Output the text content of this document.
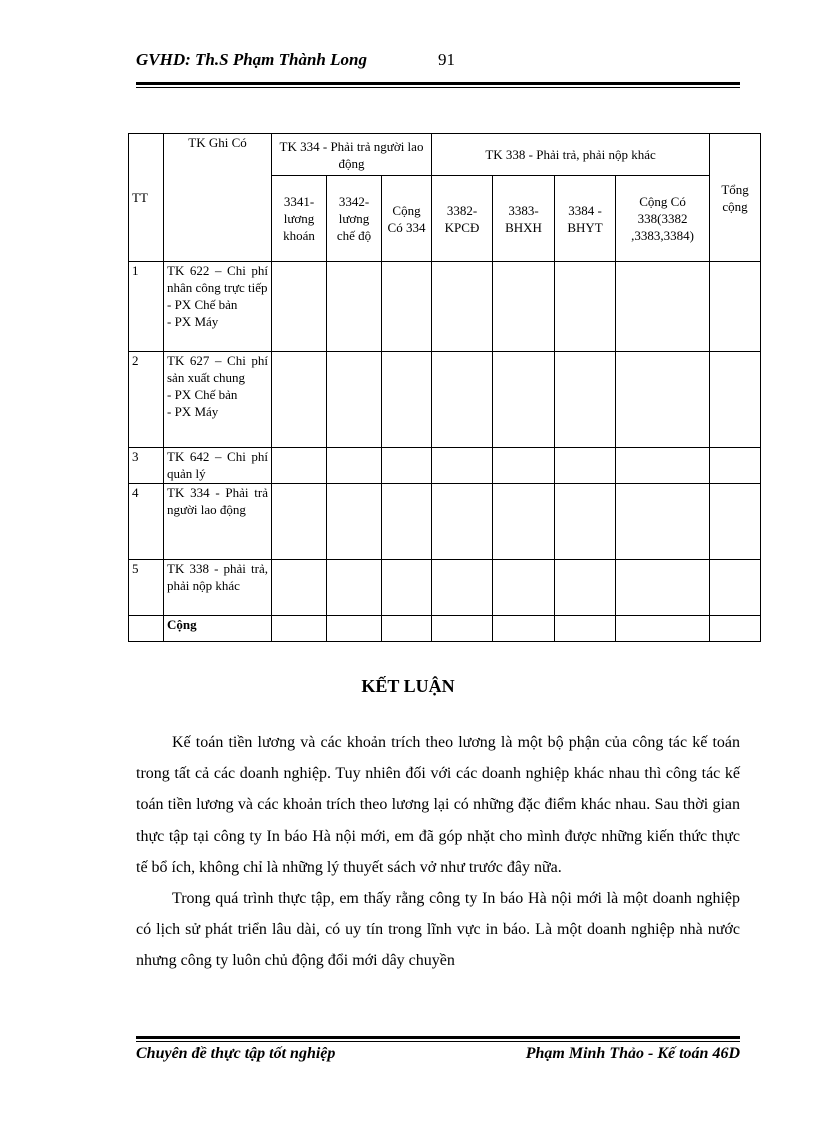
GVHD: Th.S Phạm Thành Long	91
TT	TK Ghi Có	TK 334 - Phải trả người lao động			TK 338 - Phải trả, phải nộp khác				Tổng cộng
		3341-lương khoán	3342-lương chế độ	Cộng Có 334	3382-KPCĐ	3383-BHXH	3384 - BHYT	Cộng Có 338(3382 ,3383,3384)	
1	TK 622 – Chi phí nhân công trực tiếp
- PX Chế bản
- PX Máy								

2	TK 627 – Chi phí sản xuất chung
- PX Chế bản
- PX Máy								

3	TK 642 – Chi phí quản lý								

4	TK 334 - Phải trả người lao động								

5	TK 338 - phải trả, phải nộp khác								

	Cộng								
KẾT LUẬN

Kế toán tiền lương và các khoản trích theo lương là một bộ phận của công tác kế toán trong tất cả các doanh nghiệp. Tuy nhiên đối với các doanh nghiệp khác nhau thì công tác kế toán tiền lương và các khoản trích theo lương lại có những đặc điểm khác nhau. Sau thời gian thực tập tại công ty In báo Hà nội mới, em đã góp nhặt cho mình được những kiến thức thực tế bổ ích, không chỉ là những lý thuyết sách vở như trước đây nữa.

Trong quá trình thực tập, em thấy rằng công ty In báo Hà nội mới là một doanh nghiệp có lịch sử phát triển lâu dài, có uy tín trong lĩnh vực in báo. Là một doanh nghiệp nhà nước nhưng công ty luôn chủ động đổi mới dây chuyền

Chuyên đề thực tập tốt nghiệp	Phạm Minh Thảo - Kế toán 46D
